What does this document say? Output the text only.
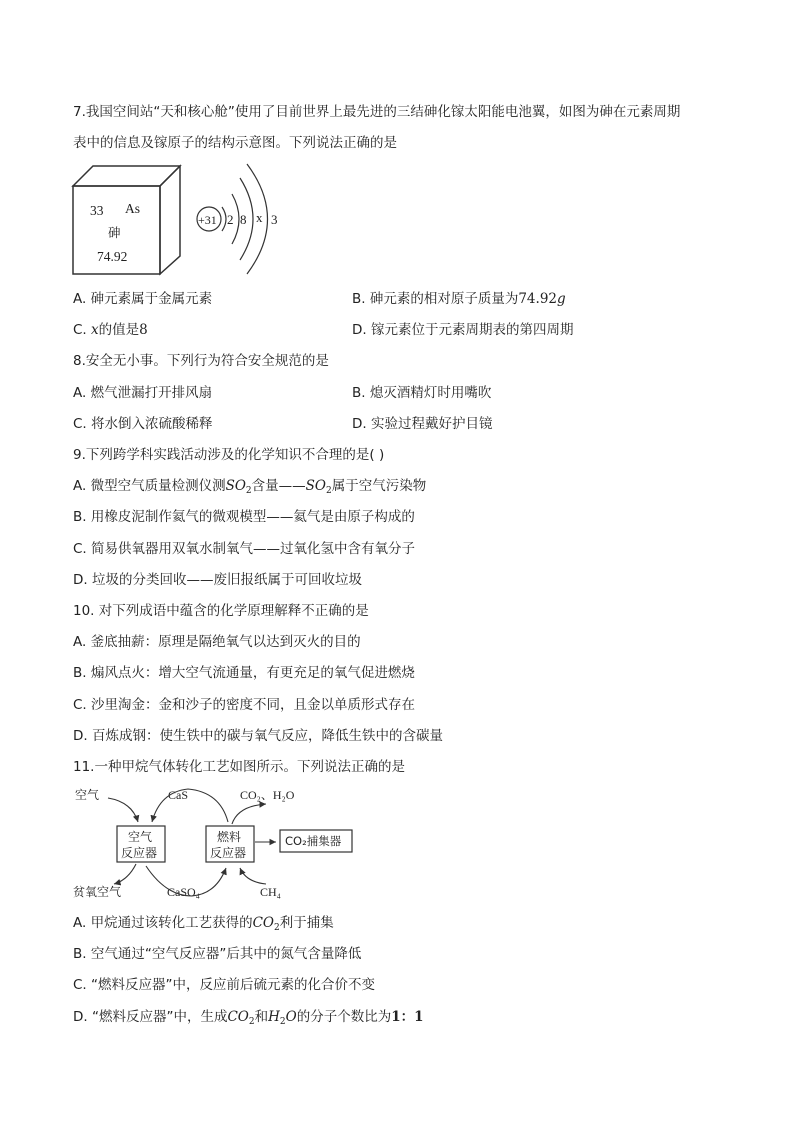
7.我国空间站“天和核心舱”使用了目前世界上最先进的三结砷化镓太阳能电池翼，如图为砷在元素周期
表中的信息及镓原子的结构示意图。下列说法正确的是
33 As
砷
74.92
+31 2 8 x 3
A. 砷元素属于金属元素	B. 砷元素的相对原子质量为74.92g
C. x的值是8	D. 镓元素位于元素周期表的第四周期
8.安全无小事。下列行为符合安全规范的是
A. 燃气泄漏打开排风扇	B. 熄灭酒精灯时用嘴吹
C. 将水倒入浓硫酸稀释	D. 实验过程戴好护目镜
9.下列跨学科实践活动涉及的化学知识不合理的是( )
A. 微型空气质量检测仪测$SO_2$含量$——SO_2$属于空气污染物
B. 用橡皮泥制作氦气的微观模型——氦气是由原子构成的
C. 简易供氧器用双氧水制氧气——过氧化氢中含有氧分子
D. 垃圾的分类回收——废旧报纸属于可回收垃圾
10. 对下列成语中蕴含的化学原理解释不正确的是
A. 釜底抽薪：原理是隔绝氧气以达到灭火的目的
B. 煽风点火：增大空气流通量，有更充足的氧气促进燃烧
C. 沙里淘金：金和沙子的密度不同，且金以单质形式存在
D. 百炼成钢：使生铁中的碳与氧气反应，降低生铁中的含碳量
11.一种甲烷气体转化工艺如图所示。下列说法正确的是
空气
反应器
燃料
反应器
CO₂捕集器
空气	CaS	CO₂、H₂O
贫氧空气	CaSO₄	CH₄
A. 甲烷通过该转化工艺获得的$CO_2$利于捕集
B. 空气通过“空气反应器”后其中的氮气含量降低
C. “燃料反应器”中，反应前后硫元素的化合价不变
D. “燃料反应器”中，生成$CO_2$和$H_2O$的分子个数比为1：1
